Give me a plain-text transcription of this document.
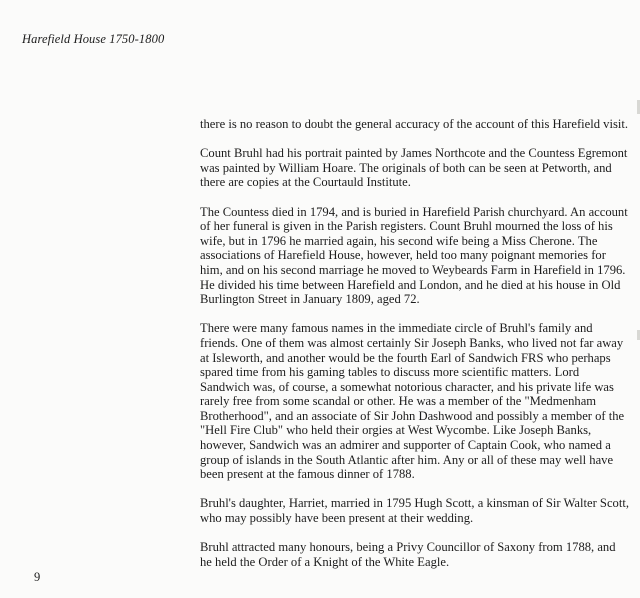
Harefield House 1750-1800

there is no reason to doubt the general accuracy of the account of this Harefield visit.

Count Bruhl had his portrait painted by James Northcote and the Countess Egremont was painted by William Hoare. The originals of both can be seen at Petworth, and there are copies at the Courtauld Institute.

The Countess died in 1794, and is buried in Harefield Parish churchyard. An account of her funeral is given in the Parish registers. Count Bruhl mourned the loss of his wife, but in 1796 he married again, his second wife being a Miss Cherone. The associations of Harefield House, however, held too many poignant memories for him, and on his second marriage he moved to Weybeards Farm in Harefield in 1796. He divided his time between Harefield and London, and he died at his house in Old Burlington Street in January 1809, aged 72.

There were many famous names in the immediate circle of Bruhl's family and friends. One of them was almost certainly Sir Joseph Banks, who lived not far away at Isleworth, and another would be the fourth Earl of Sandwich FRS who perhaps spared time from his gaming tables to discuss more scientific matters. Lord Sandwich was, of course, a somewhat notorious character, and his private life was rarely free from some scandal or other. He was a member of the "Medmenham Brotherhood", and an associate of Sir John Dashwood and possibly a member of the "Hell Fire Club" who held their orgies at West Wycombe. Like Joseph Banks, however, Sandwich was an admirer and supporter of Captain Cook, who named a group of islands in the South Atlantic after him. Any or all of these may well have been present at the famous dinner of 1788.

Bruhl's daughter, Harriet, married in 1795 Hugh Scott, a kinsman of Sir Walter Scott, who may possibly have been present at their wedding.

Bruhl attracted many honours, being a Privy Councillor of Saxony from 1788, and he held the Order of a Knight of the White Eagle.

9
